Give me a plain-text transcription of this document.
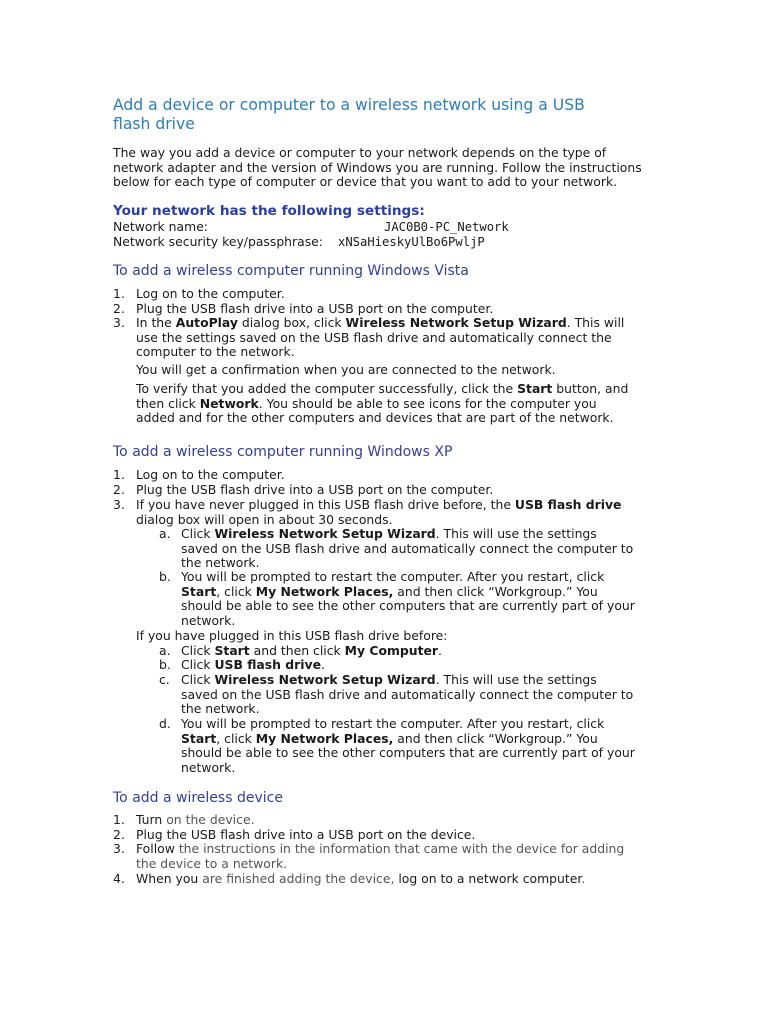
Add a device or computer to a wireless network using a USB
flash drive
The way you add a device or computer to your network depends on the type of
network adapter and the version of Windows you are running. Follow the instructions
below for each type of computer or device that you want to add to your network.
Your network has the following settings:
Network name:	JAC0B0-PC_Network
Network security key/passphrase: xNSaHieskyUlBo6PwljP
To add a wireless computer running Windows Vista
1. Log on to the computer.
2. Plug the USB flash drive into a USB port on the computer.
3. In the AutoPlay dialog box, click Wireless Network Setup Wizard. This will
use the settings saved on the USB flash drive and automatically connect the
computer to the network.
You will get a confirmation when you are connected to the network.
To verify that you added the computer successfully, click the Start button, and
then click Network. You should be able to see icons for the computer you
added and for the other computers and devices that are part of the network.
To add a wireless computer running Windows XP
1. Log on to the computer.
2. Plug the USB flash drive into a USB port on the computer.
3. If you have never plugged in this USB flash drive before, the USB flash drive
dialog box will open in about 30 seconds.
a. Click Wireless Network Setup Wizard. This will use the settings
saved on the USB flash drive and automatically connect the computer to
the network.
b. You will be prompted to restart the computer. After you restart, click
Start, click My Network Places, and then click “Workgroup.” You
should be able to see the other computers that are currently part of your
network.
If you have plugged in this USB flash drive before:
a. Click Start and then click My Computer.
b. Click USB flash drive.
c. Click Wireless Network Setup Wizard. This will use the settings
saved on the USB flash drive and automatically connect the computer to
the network.
d. You will be prompted to restart the computer. After you restart, click
Start, click My Network Places, and then click “Workgroup.” You
should be able to see the other computers that are currently part of your
network.
To add a wireless device
1. Turn on the device.
2. Plug the USB flash drive into a USB port on the device.
3. Follow the instructions in the information that came with the device for adding
the device to a network.
4. When you are finished adding the device, log on to a network computer.
